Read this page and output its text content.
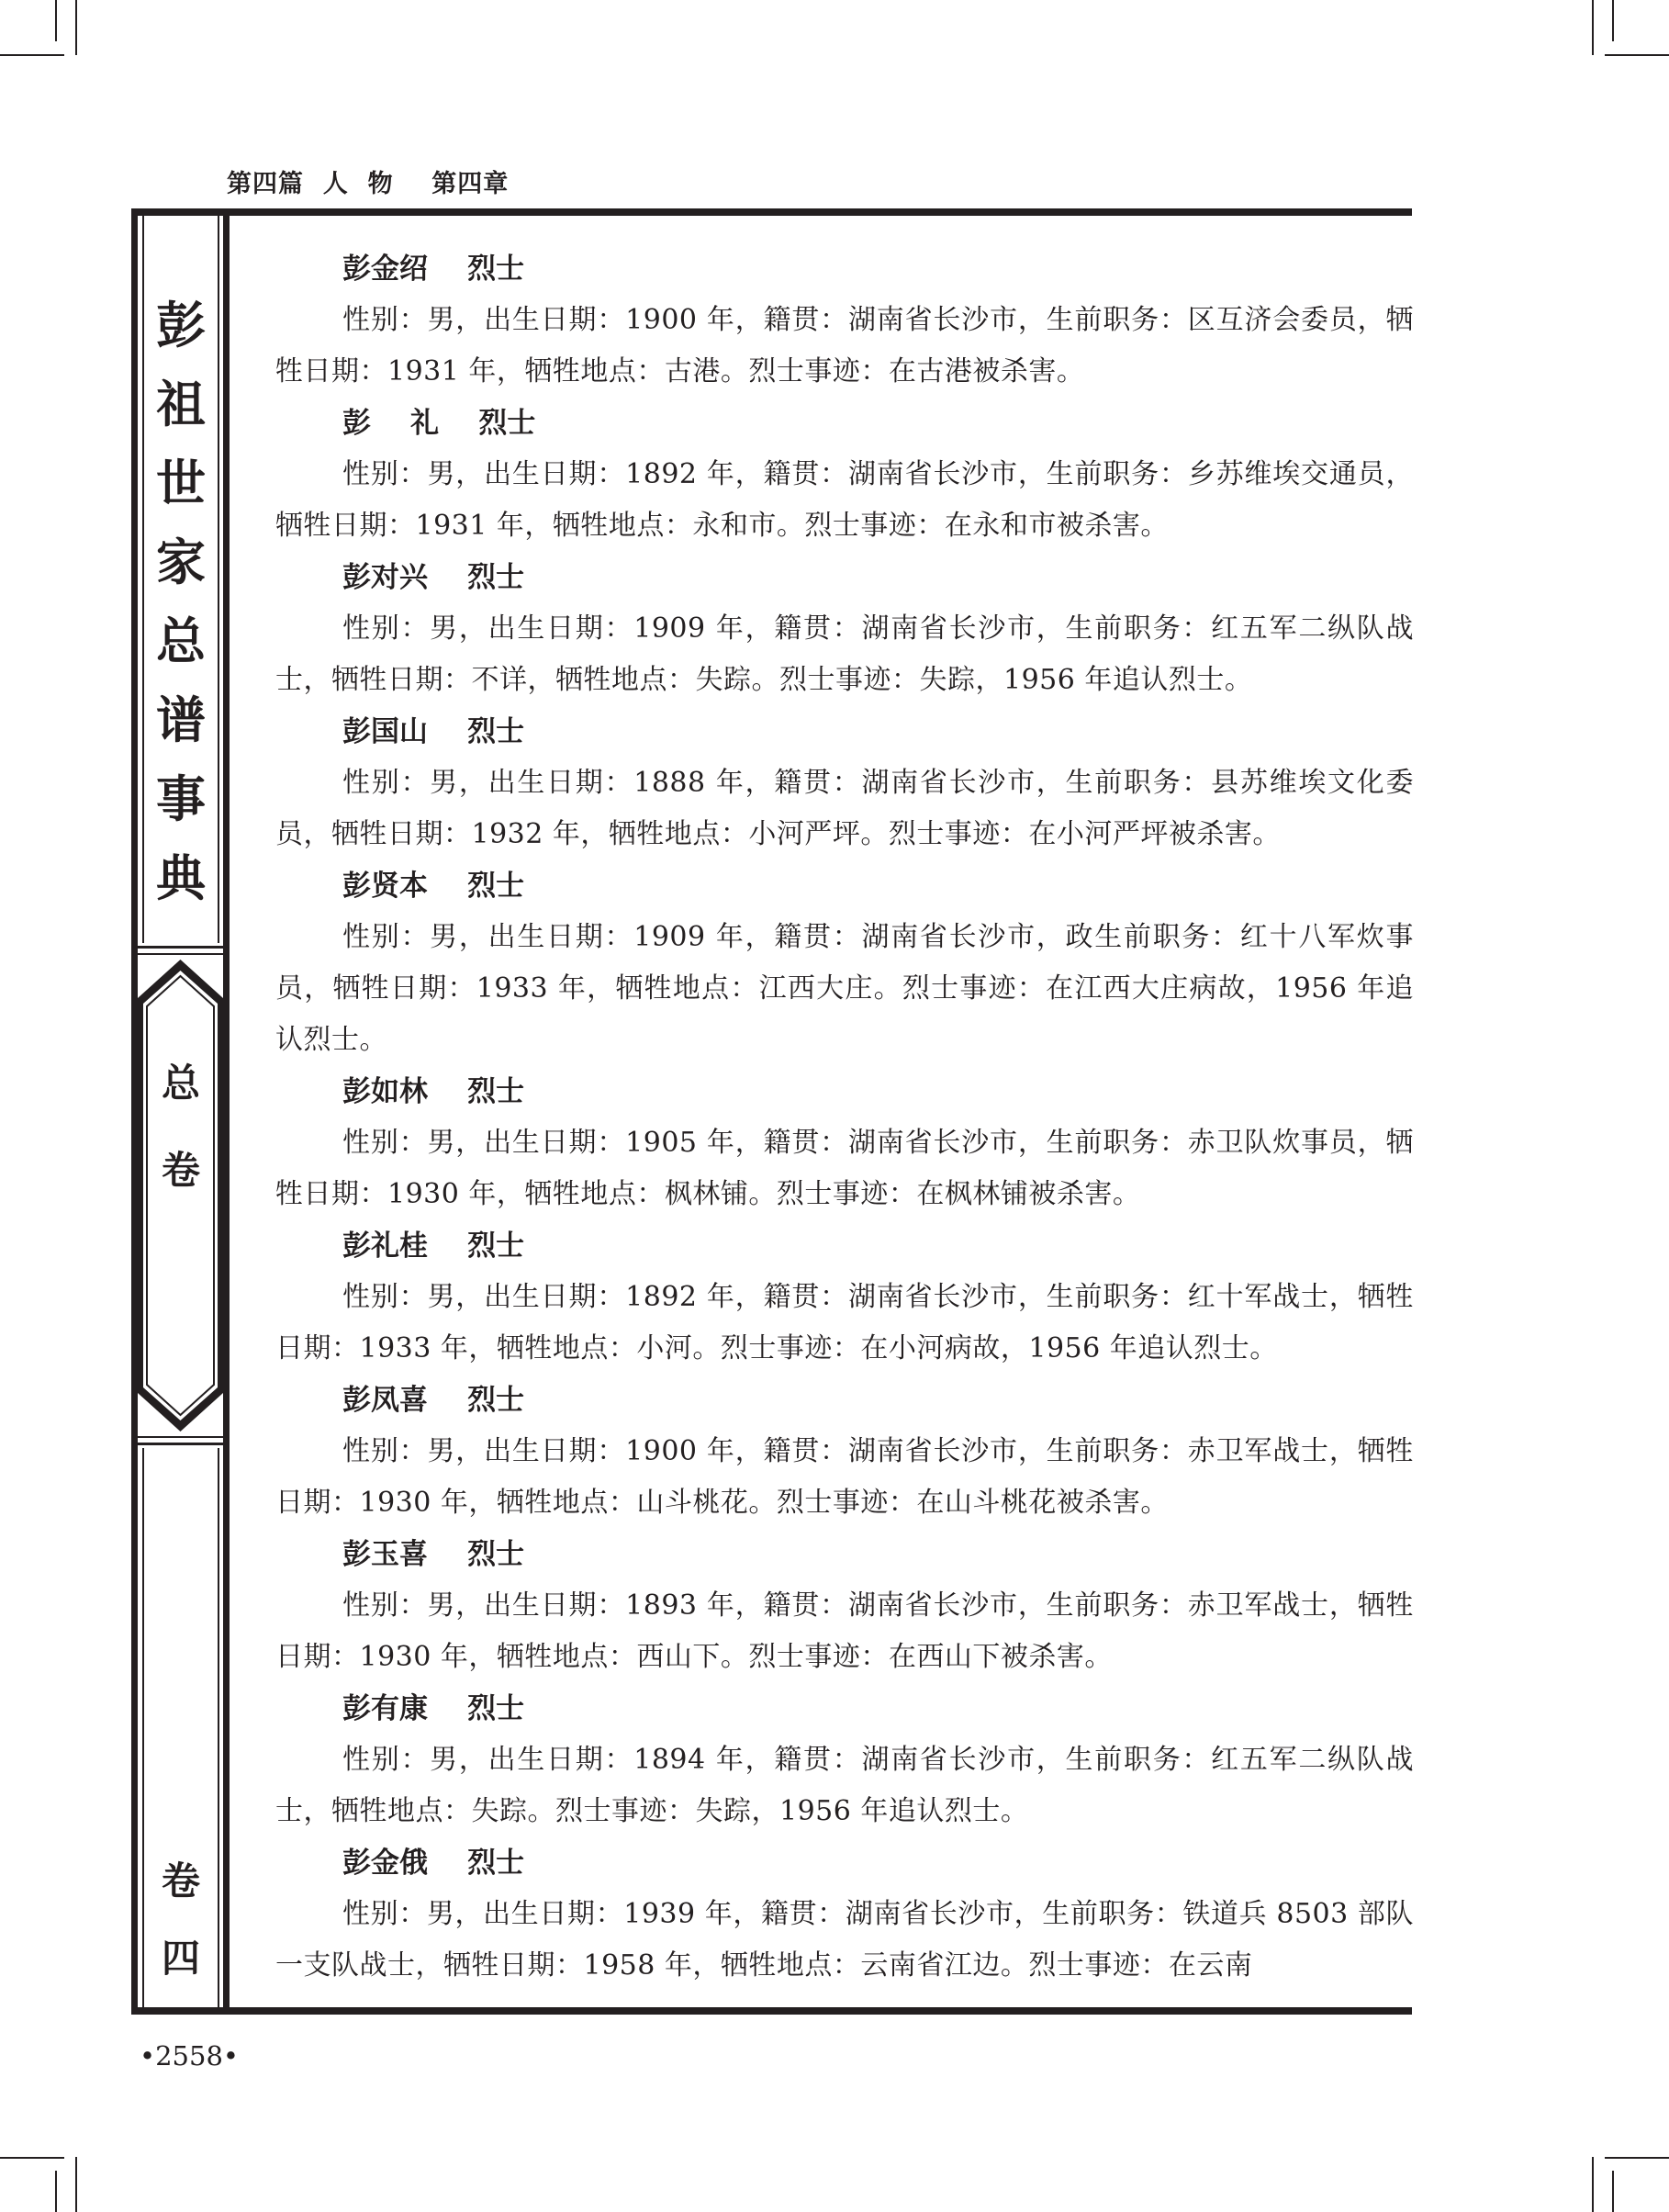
第四篇  人  物    第四章
彭
祖
世
家
总
谱
事
典
总
卷
卷
四
彭金绍    烈士
性别：男，出生日期：1900 年，籍贯：湖南省长沙市，生前职务：区互济会委员，牺牲日期：1931 年，牺牲地点：古港。烈士事迹：在古港被杀害。
彭    礼    烈士
性别：男，出生日期：1892 年，籍贯：湖南省长沙市，生前职务：乡苏维埃交通员，牺牲日期：1931 年，牺牲地点：永和市。烈士事迹：在永和市被杀害。
彭对兴    烈士
性别：男，出生日期：1909 年，籍贯：湖南省长沙市，生前职务：红五军二纵队战士，牺牲日期：不详，牺牲地点：失踪。烈士事迹：失踪，1956 年追认烈士。
彭国山    烈士
性别：男，出生日期：1888 年，籍贯：湖南省长沙市，生前职务：县苏维埃文化委员，牺牲日期：1932 年，牺牲地点：小河严坪。烈士事迹：在小河严坪被杀害。
彭贤本    烈士
性别：男，出生日期：1909 年，籍贯：湖南省长沙市，政生前职务：红十八军炊事员，牺牲日期：1933 年，牺牲地点：江西大庄。烈士事迹：在江西大庄病故，1956 年追认烈士。
彭如林    烈士
性别：男，出生日期：1905 年，籍贯：湖南省长沙市，生前职务：赤卫队炊事员，牺牲日期：1930 年，牺牲地点：枫林铺。烈士事迹：在枫林铺被杀害。
彭礼桂    烈士
性别：男，出生日期：1892 年，籍贯：湖南省长沙市，生前职务：红十军战士，牺牲日期：1933 年，牺牲地点：小河。烈士事迹：在小河病故，1956 年追认烈士。
彭凤喜    烈士
性别：男，出生日期：1900 年，籍贯：湖南省长沙市，生前职务：赤卫军战士，牺牲日期：1930 年，牺牲地点：山斗桃花。烈士事迹：在山斗桃花被杀害。
彭玉喜    烈士
性别：男，出生日期：1893 年，籍贯：湖南省长沙市，生前职务：赤卫军战士，牺牲日期：1930 年，牺牲地点：西山下。烈士事迹：在西山下被杀害。
彭有康    烈士
性别：男，出生日期：1894 年，籍贯：湖南省长沙市，生前职务：红五军二纵队战士，牺牲地点：失踪。烈士事迹：失踪，1956 年追认烈士。
彭金俄    烈士
性别：男，出生日期：1939 年，籍贯：湖南省长沙市，生前职务：铁道兵 8503 部队一支队战士，牺牲日期：1958 年，牺牲地点：云南省江边。烈士事迹：在云南
•2558•
